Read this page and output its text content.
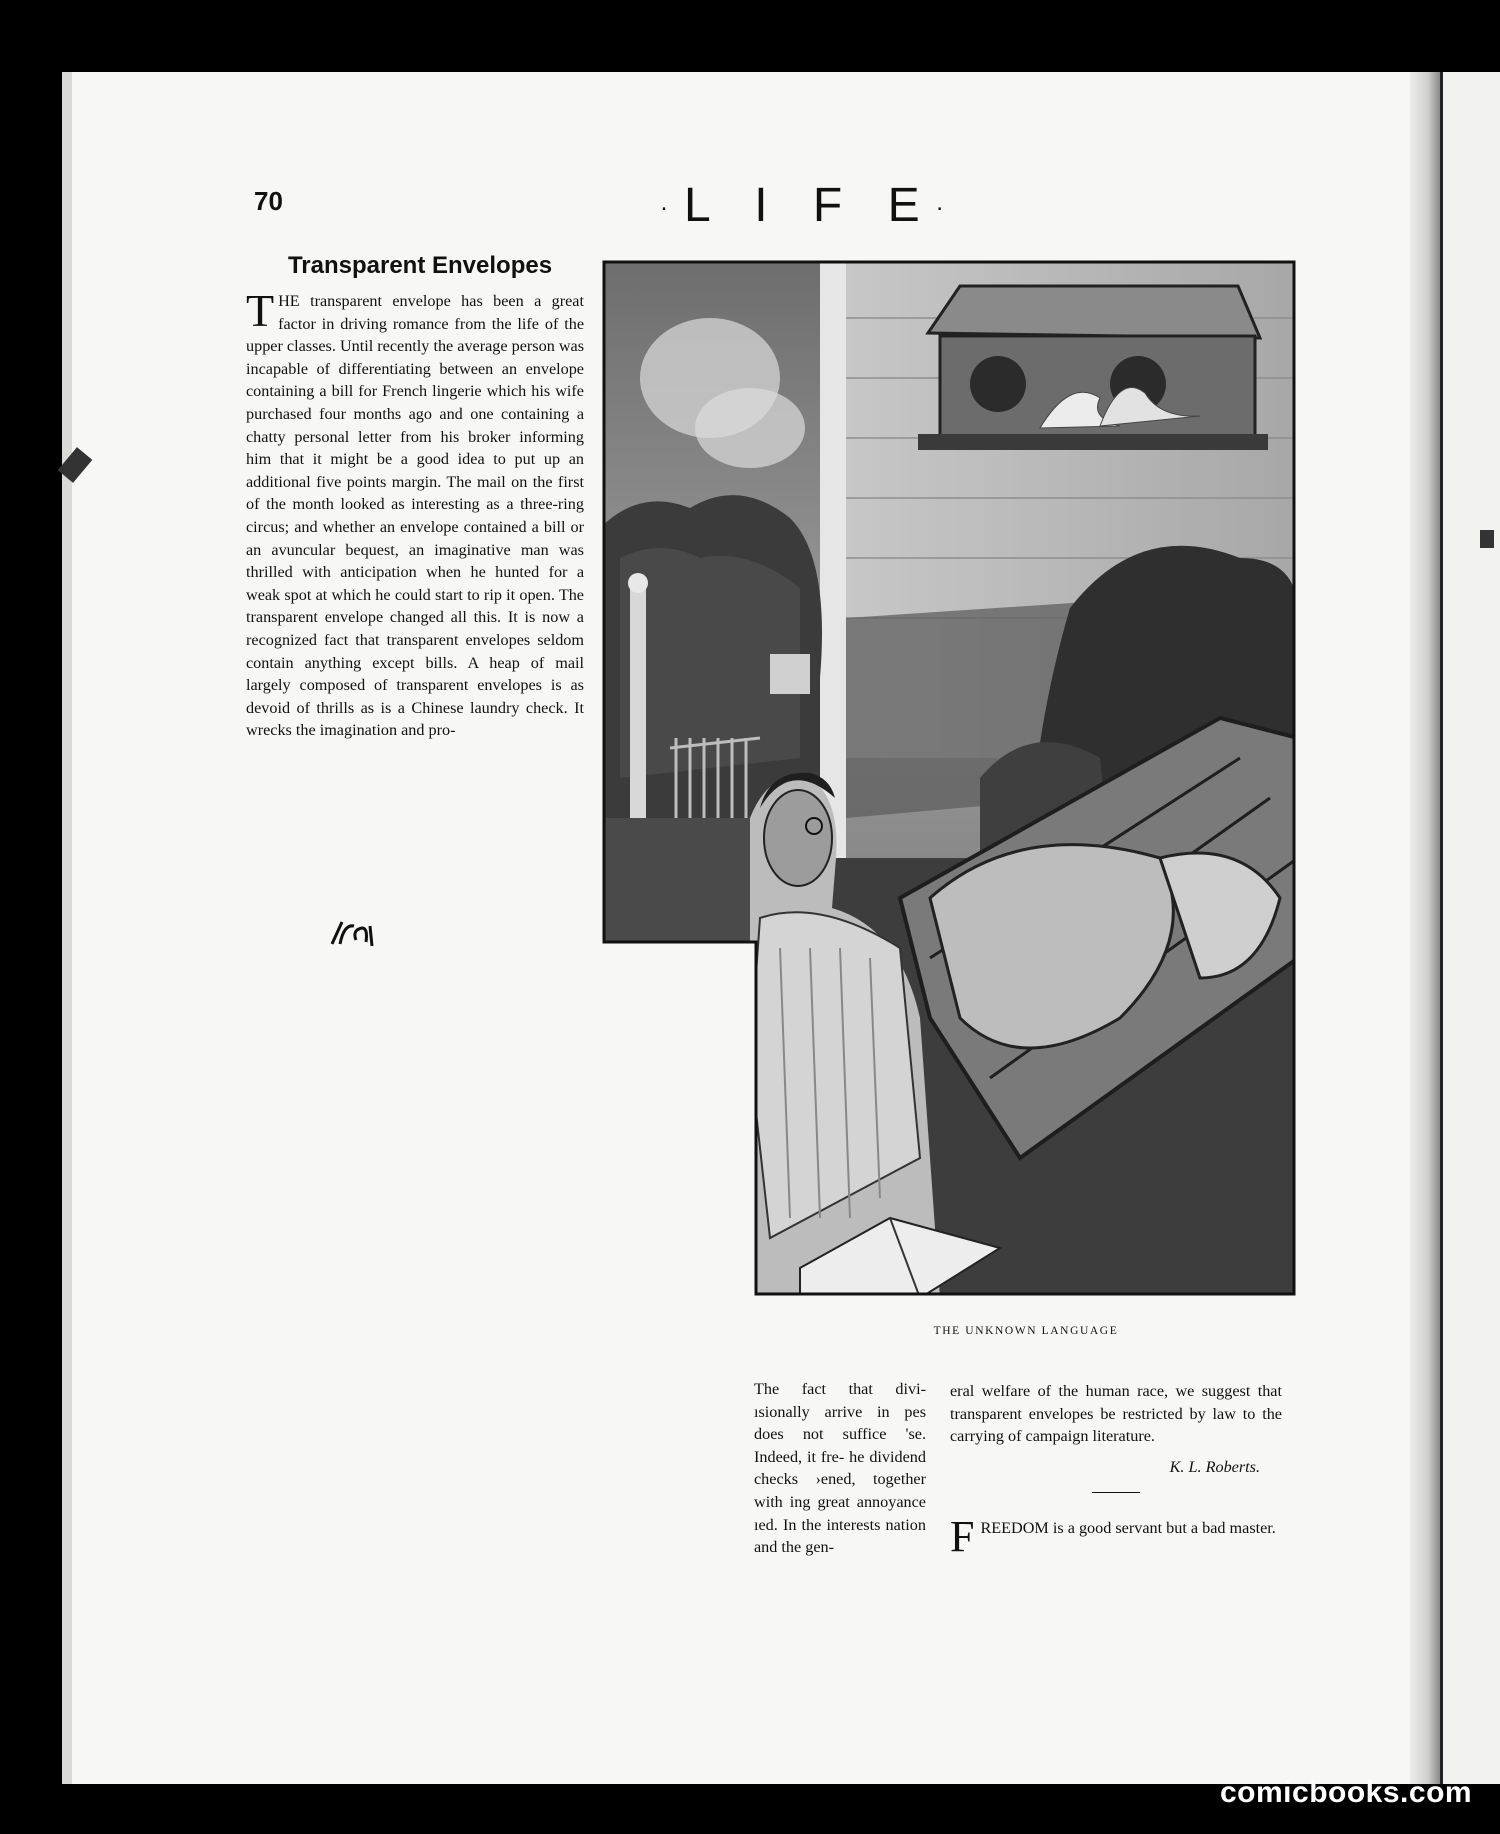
70	·L I F E·
Transparent Envelopes
T HE transparent envelope has been a great factor in driving romance from the life of the upper classes. Until recently the average person was incapable of differentiating between an envelope containing a bill for French lingerie which his wife purchased four months ago and one containing a chatty personal letter from his broker informing him that it might be a good idea to put up an additional five points margin. The mail on the first of the month looked as interesting as a three-ring circus; and whether an envelope contained a bill or an avuncular bequest, an imaginative man was thrilled with anticipation when he hunted for a weak spot at which he could start to rip it open. The transparent envelope changed all this. It is now a recognized fact that transparent envelopes seldom contain anything except bills. A heap of mail largely composed of transparent envelopes is as devoid of thrills as is a Chinese laundry check. It wrecks the imagination and pro-

THE UNKNOWN LANGUAGE

The fact that divi- ısionally arrive in pes does not suffice 'se. Indeed, it fre- he dividend checks ›ened, together with ing great annoyance ıed. In the interests nation and the gen-

eral welfare of the human race, we suggest that transparent envelopes be restricted by law to the carrying of campaign literature.

K. L. Roberts.
F REEDOM is a good servant but a bad master.

comicbooks.com
